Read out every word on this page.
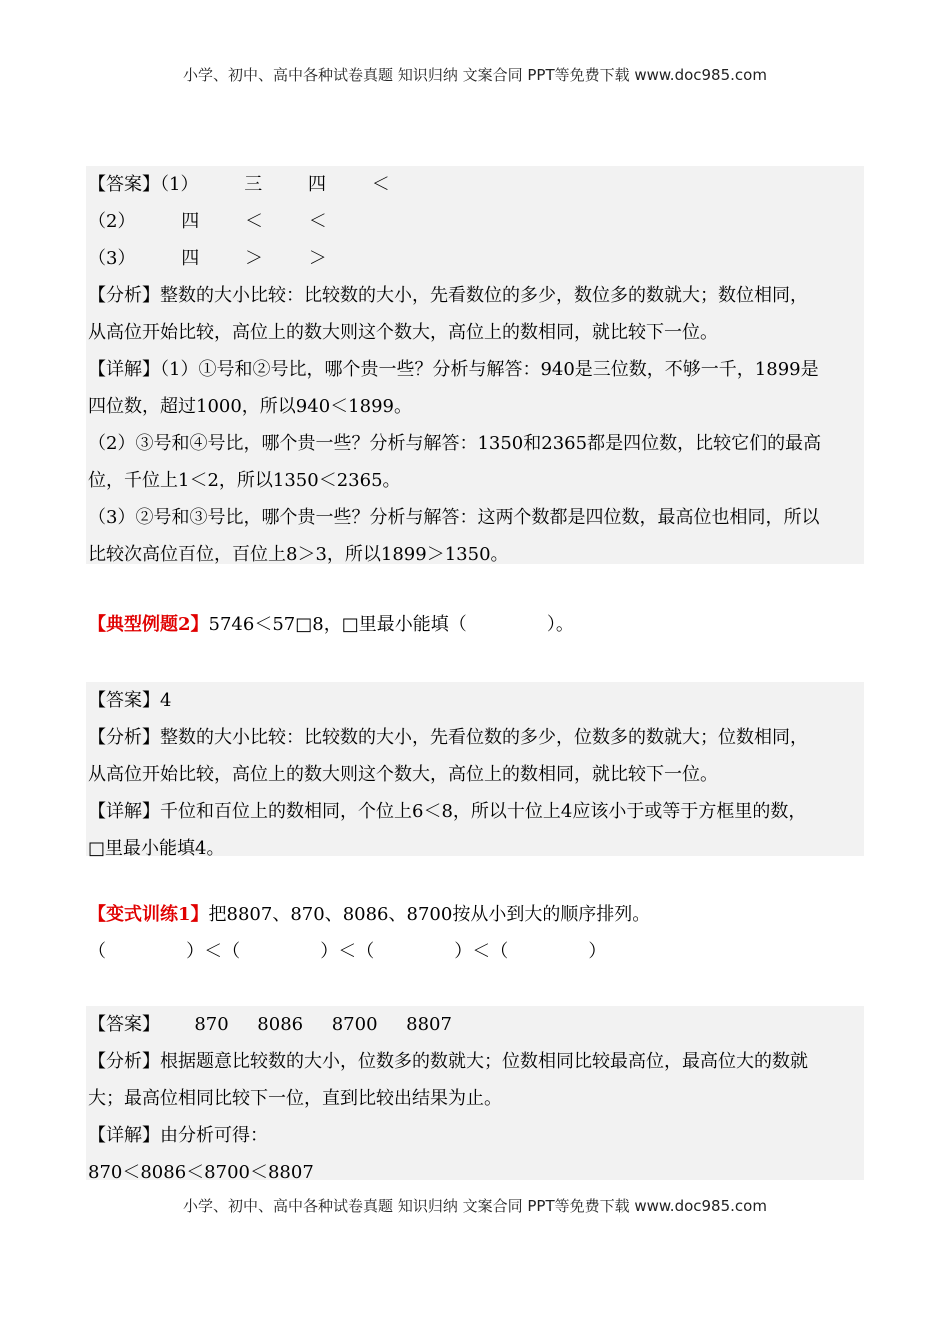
小学、初中、高中各种试卷真题 知识归纳 文案合同 PPT等免费下载 www.doc985.com
【答案】（1）        三        四        ＜
（2）        四        ＜        ＜
（3）        四        ＞        ＞
【分析】整数的大小比较：比较数的大小，先看数位的多少，数位多的数就大；数位相同，
从高位开始比较，高位上的数大则这个数大，高位上的数相同，就比较下一位。
【详解】（1）①号和②号比，哪个贵一些？分析与解答：940是三位数，不够一千，1899是
四位数，超过1000，所以940＜1899。
（2）③号和④号比，哪个贵一些？分析与解答：1350和2365都是四位数，比较它们的最高
位，千位上1＜2，所以1350＜2365。
（3）②号和③号比，哪个贵一些？分析与解答：这两个数都是四位数，最高位也相同，所以
比较次高位百位，百位上8＞3，所以1899＞1350。
【典型例题2】5746＜57□8，□里最小能填（              ）。
【答案】4
【分析】整数的大小比较：比较数的大小，先看位数的多少，位数多的数就大；位数相同，
从高位开始比较，高位上的数大则这个数大，高位上的数相同，就比较下一位。
【详解】千位和百位上的数相同，个位上6＜8，所以十位上4应该小于或等于方框里的数，
□里最小能填4。
【变式训练1】把8807、870、8086、8700按从小到大的顺序排列。
（              ）＜（              ）＜（              ）＜（              ）
【答案】      870     8086     8700     8807
【分析】根据题意比较数的大小，位数多的数就大；位数相同比较最高位，最高位大的数就
大；最高位相同比较下一位，直到比较出结果为止。
【详解】由分析可得：
870＜8086＜8700＜8807
小学、初中、高中各种试卷真题 知识归纳 文案合同 PPT等免费下载 www.doc985.com
